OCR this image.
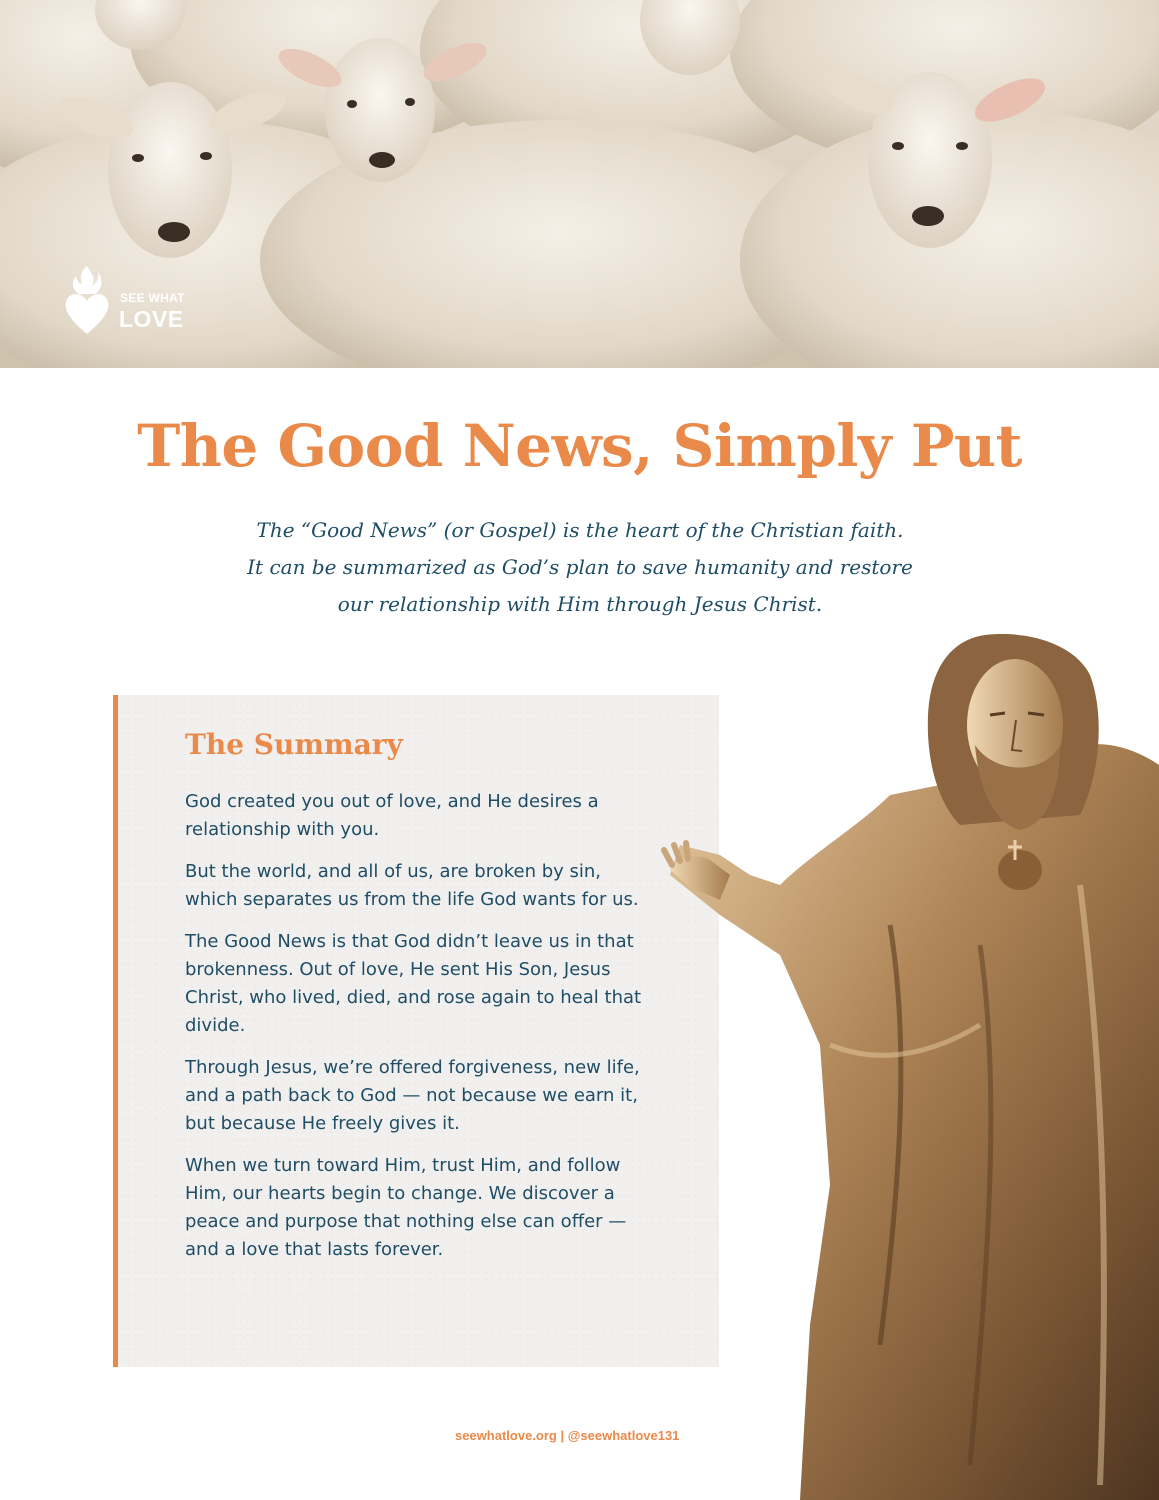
SEE WHAT
LOVE
The Good News, Simply Put
The “Good News” (or Gospel) is the heart of the Christian faith.
It can be summarized as God’s plan to save humanity and restore
our relationship with Him through Jesus Christ.
The Summary

God created you out of love, and He desires a relationship with you.

But the world, and all of us, are broken by sin, which separates us from the life God wants for us.

The Good News is that God didn’t leave us in that brokenness. Out of love, He sent His Son, Jesus Christ, who lived, died, and rose again to heal that divide.

Through Jesus, we’re offered forgiveness, new life, and a path back to God — not because we earn it, but because He freely gives it.

When we turn toward Him, trust Him, and follow Him, our hearts begin to change. We discover a peace and purpose that nothing else can offer — and a love that lasts forever.

seewhatlove.org | @seewhatlove131
